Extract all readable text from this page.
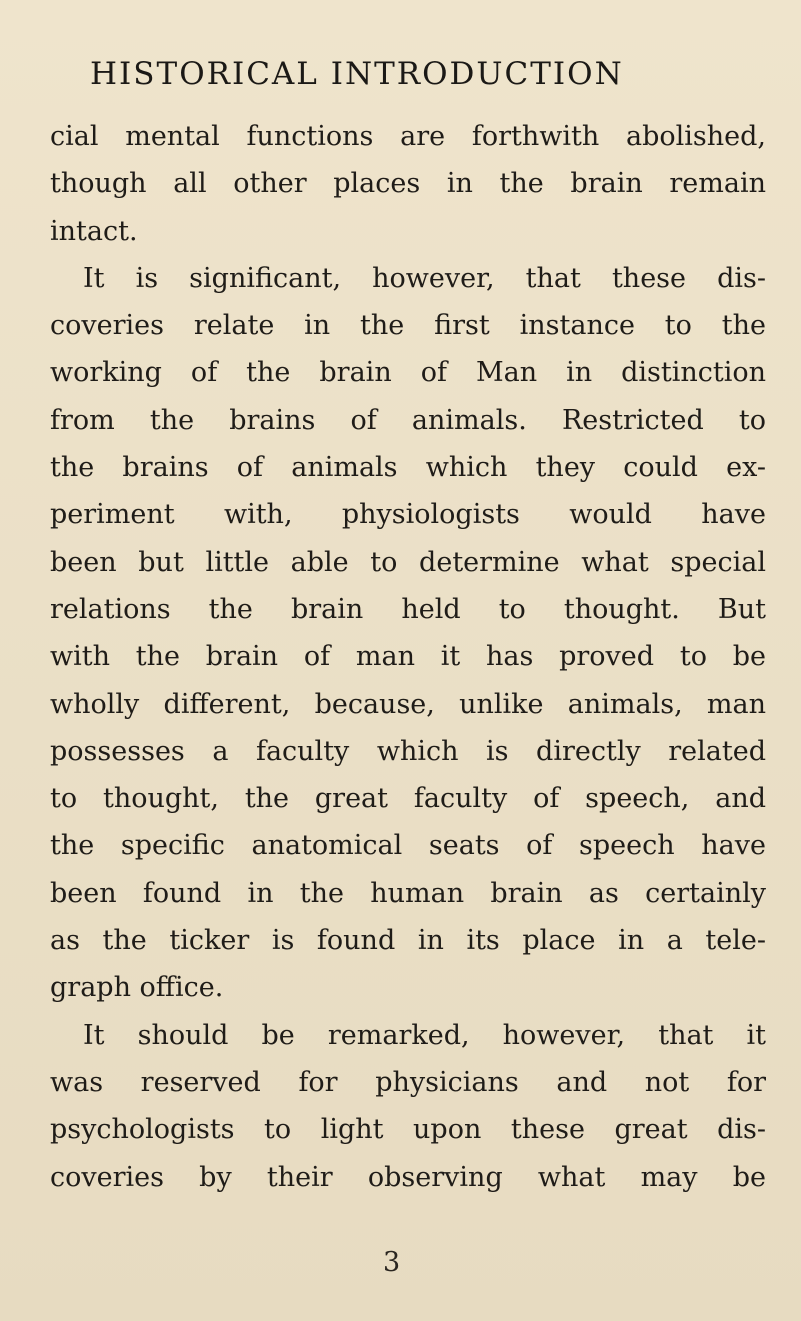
HISTORICAL INTRODUCTION
cial mental functions are forthwith abolished,
though all other places in the brain remain
intact.
It is significant, however, that these dis-
coveries relate in the first instance to the
working of the brain of Man in distinction
from the brains of animals. Restricted to
the brains of animals which they could ex-
periment with, physiologists would have
been but little able to determine what special
relations the brain held to thought. But
with the brain of man it has proved to be
wholly different, because, unlike animals, man
possesses a faculty which is directly related
to thought, the great faculty of speech, and
the specific anatomical seats of speech have
been found in the human brain as certainly
as the ticker is found in its place in a tele-
graph office.
It should be remarked, however, that it
was reserved for physicians and not for
psychologists to light upon these great dis-
coveries by their observing what may be
3
